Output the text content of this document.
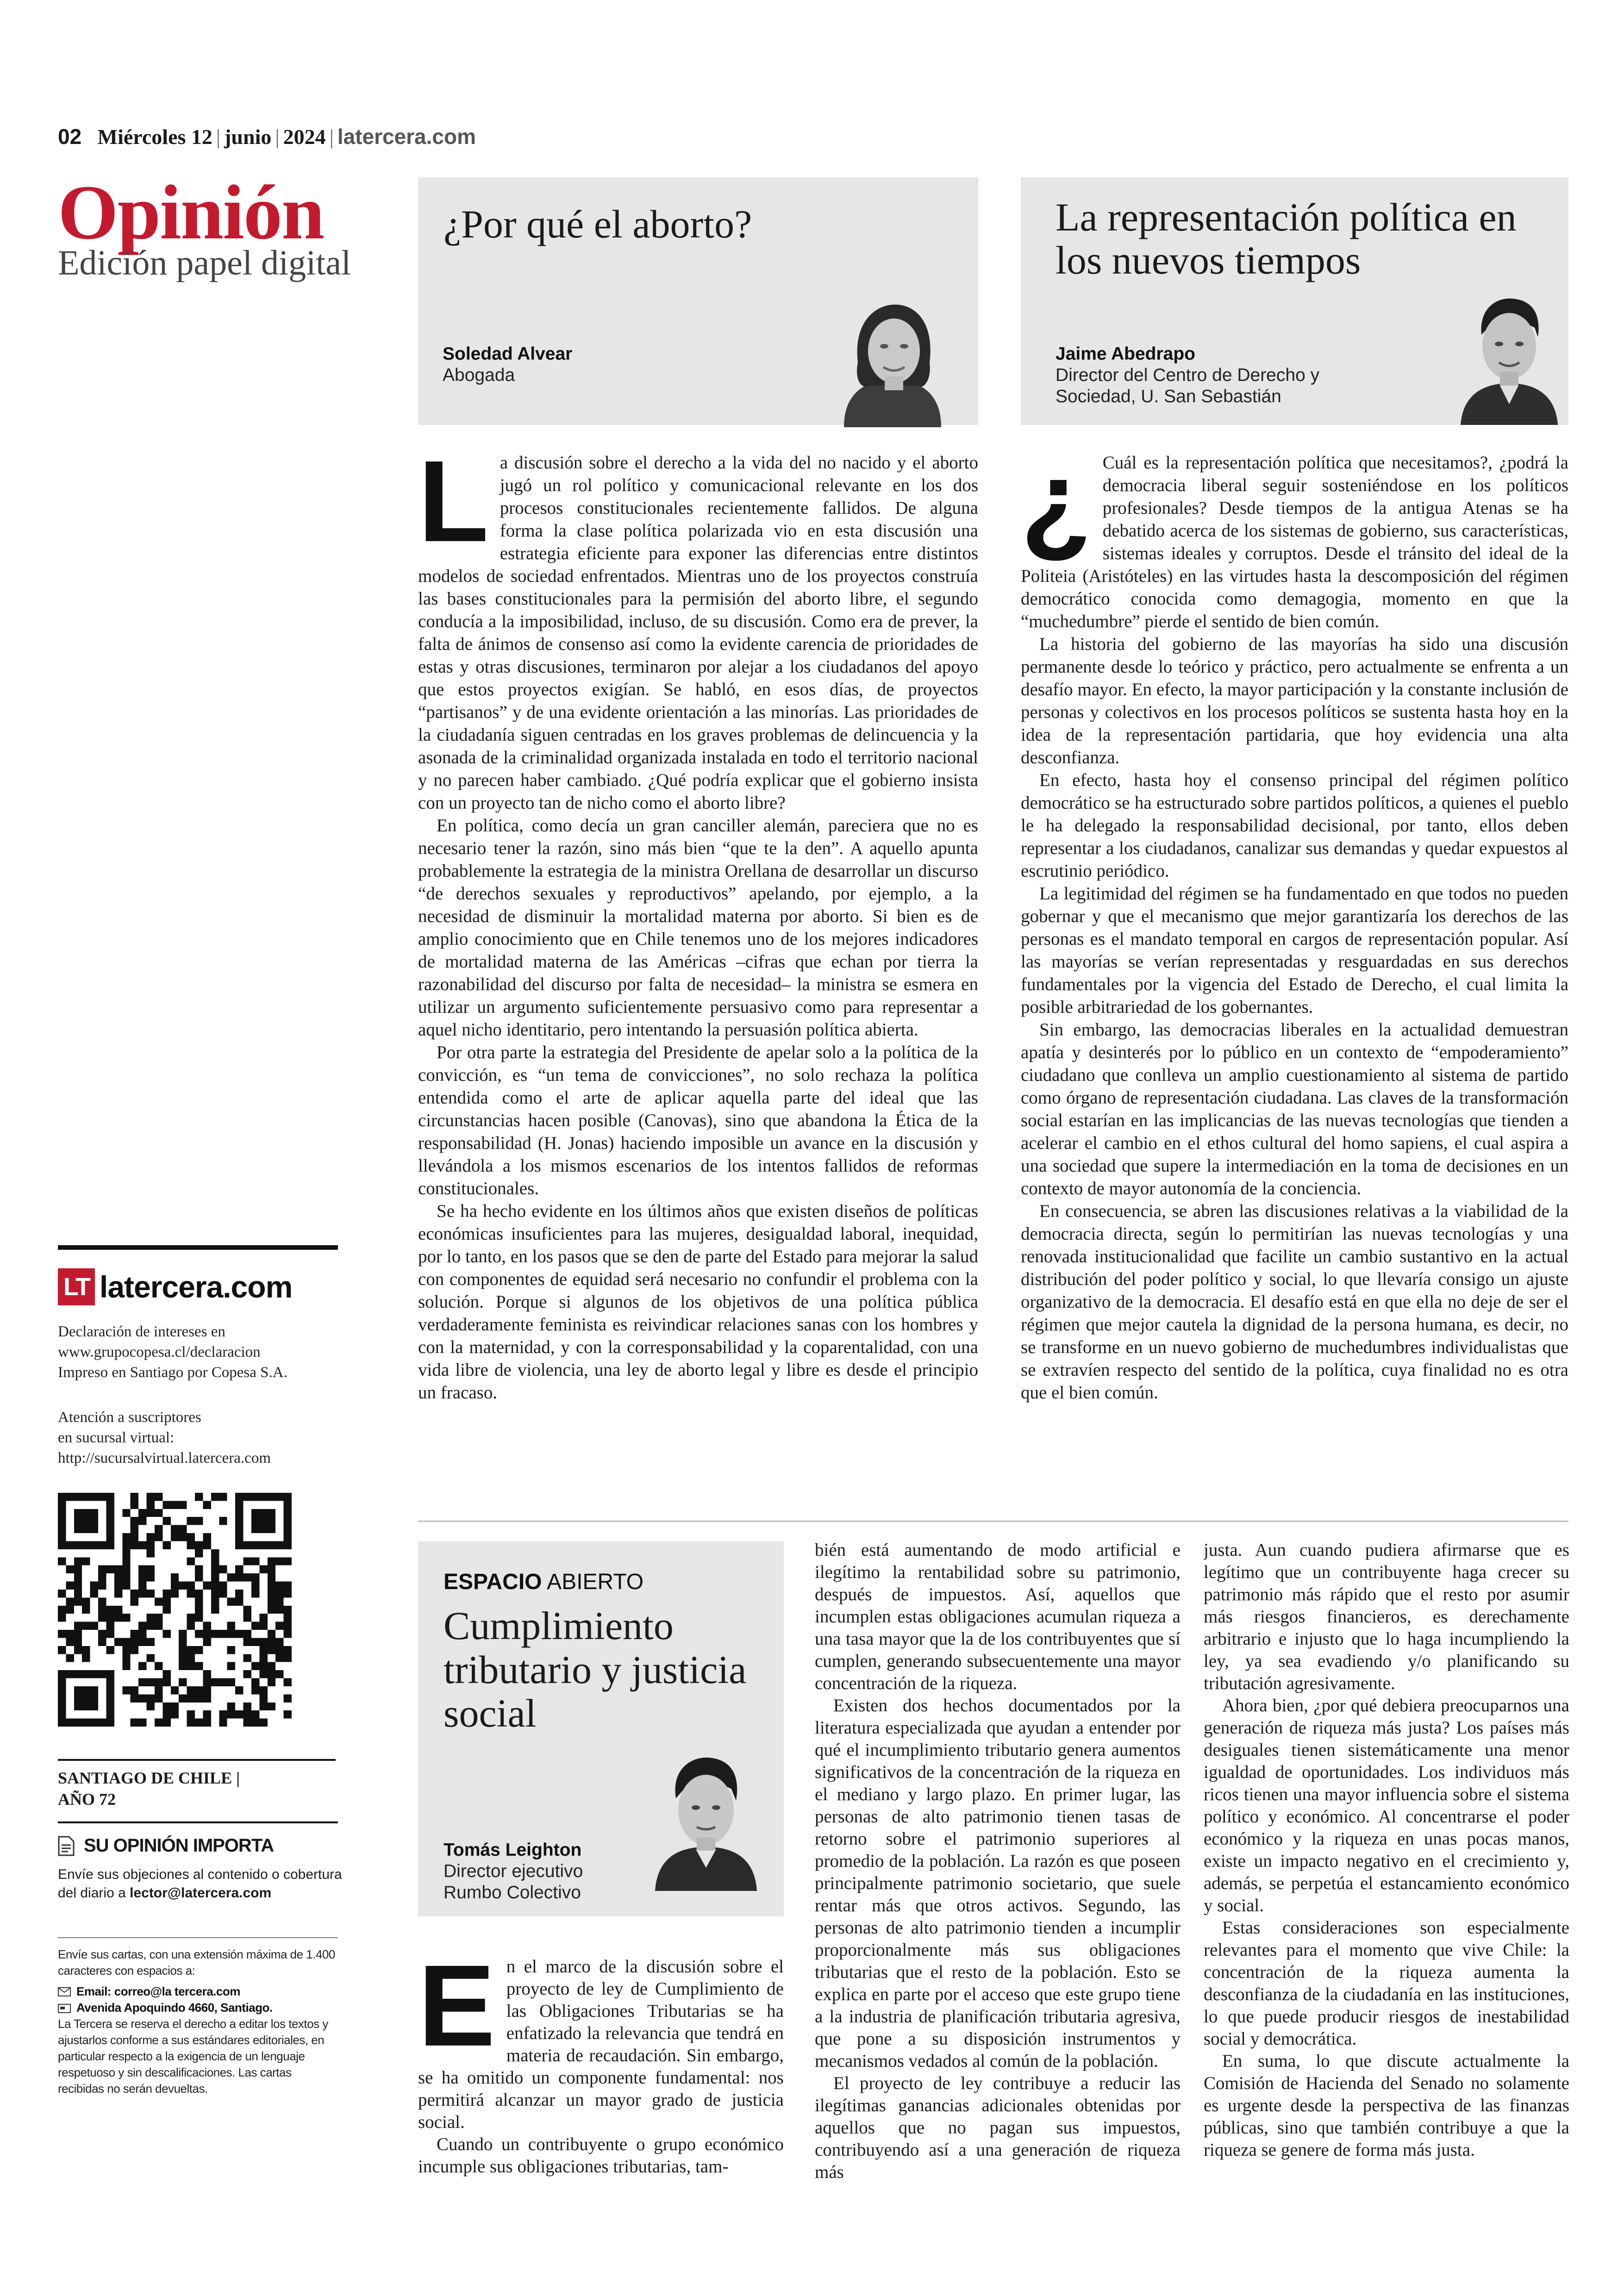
02 Miércoles 12 | junio | 2024 | latercera.com
Opinión
Edición papel digital
¿Por qué el aborto?
Soledad Alvear
Abogada
La representación política en los nuevos tiempos
Jaime Abedrapo
Director del Centro de Derecho y Sociedad, U. San Sebastián
L a discusión sobre el derecho a la vida del no nacido y el aborto jugó un rol político y comunicacional relevante en los dos procesos constitucionales recientemente fallidos. De alguna forma la clase política polarizada vio en esta discusión una estrategia eficiente para exponer las diferencias entre distintos modelos de sociedad enfrentados. Mientras uno de los proyectos construía las bases constitucionales para la permisión del aborto libre, el segundo conducía a la imposibilidad, incluso, de su discusión. Como era de prever, la falta de ánimos de consenso así como la evidente carencia de prioridades de estas y otras discusiones, terminaron por alejar a los ciudadanos del apoyo que estos proyectos exigían. Se habló, en esos días, de proyectos “partisanos” y de una evidente orientación a las minorías. Las prioridades de la ciudadanía siguen centradas en los graves problemas de delincuencia y la asonada de la criminalidad organizada instalada en todo el territorio nacional y no parecen haber cambiado. ¿Qué podría explicar que el gobierno insista con un proyecto tan de nicho como el aborto libre?

En política, como decía un gran canciller alemán, pareciera que no es necesario tener la razón, sino más bien “que te la den”. A aquello apunta probablemente la estrategia de la ministra Orellana de desarrollar un discurso “de derechos sexuales y reproductivos” apelando, por ejemplo, a la necesidad de disminuir la mortalidad materna por aborto. Si bien es de amplio conocimiento que en Chile tenemos uno de los mejores indicadores de mortalidad materna de las Américas –cifras que echan por tierra la razonabilidad del discurso por falta de necesidad– la ministra se esmera en utilizar un argumento suficientemente persuasivo como para representar a aquel nicho identitario, pero intentando la persuasión política abierta.

Por otra parte la estrategia del Presidente de apelar solo a la política de la convicción, es “un tema de convicciones”, no solo rechaza la política entendida como el arte de aplicar aquella parte del ideal que las circunstancias hacen posible (Canovas), sino que abandona la Ética de la responsabilidad (H. Jonas) haciendo imposible un avance en la discusión y llevándola a los mismos escenarios de los intentos fallidos de reformas constitucionales.

Se ha hecho evidente en los últimos años que existen diseños de políticas económicas insuficientes para las mujeres, desigualdad laboral, inequidad, por lo tanto, en los pasos que se den de parte del Estado para mejorar la salud con componentes de equidad será necesario no confundir el problema con la solución. Porque si algunos de los objetivos de una política pública verdaderamente feminista es reivindicar relaciones sanas con los hombres y con la maternidad, y con la corresponsabilidad y la coparentalidad, con una vida libre de violencia, una ley de aborto legal y libre es desde el principio un fracaso.

¿ Cuál es la representación política que necesitamos?, ¿podrá la democracia liberal seguir sosteniéndose en los políticos profesionales? Desde tiempos de la antigua Atenas se ha debatido acerca de los sistemas de gobierno, sus características, sistemas ideales y corruptos. Desde el tránsito del ideal de la Politeia (Aristóteles) en las virtudes hasta la descomposición del régimen democrático conocida como demagogia, momento en que la “muchedumbre” pierde el sentido de bien común.

La historia del gobierno de las mayorías ha sido una discusión permanente desde lo teórico y práctico, pero actualmente se enfrenta a un desafío mayor. En efecto, la mayor participación y la constante inclusión de personas y colectivos en los procesos políticos se sustenta hasta hoy en la idea de la representación partidaria, que hoy evidencia una alta desconfianza.

En efecto, hasta hoy el consenso principal del régimen político democrático se ha estructurado sobre partidos políticos, a quienes el pueblo le ha delegado la responsabilidad decisional, por tanto, ellos deben representar a los ciudadanos, canalizar sus demandas y quedar expuestos al escrutinio periódico.

La legitimidad del régimen se ha fundamentado en que todos no pueden gobernar y que el mecanismo que mejor garantizaría los derechos de las personas es el mandato temporal en cargos de representación popular. Así las mayorías se verían representadas y resguardadas en sus derechos fundamentales por la vigencia del Estado de Derecho, el cual limita la posible arbitrariedad de los gobernantes.

Sin embargo, las democracias liberales en la actualidad demuestran apatía y desinterés por lo público en un contexto de “empoderamiento” ciudadano que conlleva un amplio cuestionamiento al sistema de partido como órgano de representación ciudadana. Las claves de la transformación social estarían en las implicancias de las nuevas tecnologías que tienden a acelerar el cambio en el ethos cultural del homo sapiens, el cual aspira a una sociedad que supere la intermediación en la toma de decisiones en un contexto de mayor autonomía de la conciencia.

En consecuencia, se abren las discusiones relativas a la viabilidad de la democracia directa, según lo permitirían las nuevas tecnologías y una renovada institucionalidad que facilite un cambio sustantivo en la actual distribución del poder político y social, lo que llevaría consigo un ajuste organizativo de la democracia. El desafío está en que ella no deje de ser el régimen que mejor cautela la dignidad de la persona humana, es decir, no se transforme en un nuevo gobierno de muchedumbres individualistas que se extravíen respecto del sentido de la política, cuya finalidad no es otra que el bien común.

ESPACIO ABIERTO
Cumplimiento tributario y justicia social
Tomás Leighton
Director ejecutivo Rumbo Colectivo
E n el marco de la discusión sobre el proyecto de ley de Cumplimiento de las Obligaciones Tributarias se ha enfatizado la relevancia que tendrá en materia de recaudación. Sin embargo, se ha omitido un componente fundamental: nos permitirá alcanzar un mayor grado de justicia social.

Cuando un contribuyente o grupo económico incumple sus obligaciones tributarias, tam-

bién está aumentando de modo artificial e ilegítimo la rentabilidad sobre su patrimonio, después de impuestos. Así, aquellos que incumplen estas obligaciones acumulan riqueza a una tasa mayor que la de los contribuyentes que sí cumplen, generando subsecuentemente una mayor concentración de la riqueza.

Existen dos hechos documentados por la literatura especializada que ayudan a entender por qué el incumplimiento tributario genera aumentos significativos de la concentración de la riqueza en el mediano y largo plazo. En primer lugar, las personas de alto patrimonio tienen tasas de retorno sobre el patrimonio superiores al promedio de la población. La razón es que poseen principalmente patrimonio societario, que suele rentar más que otros activos. Segundo, las personas de alto patrimonio tienden a incumplir proporcionalmente más sus obligaciones tributarias que el resto de la población. Esto se explica en parte por el acceso que este grupo tiene a la industria de planificación tributaria agresiva, que pone a su disposición instrumentos y mecanismos vedados al común de la población.

El proyecto de ley contribuye a reducir las ilegítimas ganancias adicionales obtenidas por aquellos que no pagan sus impuestos, contribuyendo así a una generación de riqueza más

justa. Aun cuando pudiera afirmarse que es legítimo que un contribuyente haga crecer su patrimonio más rápido que el resto por asumir más riesgos financieros, es derechamente arbitrario e injusto que lo haga incumpliendo la ley, ya sea evadiendo y/o planificando su tributación agresivamente.

Ahora bien, ¿por qué debiera preocuparnos una generación de riqueza más justa? Los países más desiguales tienen sistemáticamente una menor igualdad de oportunidades. Los individuos más ricos tienen una mayor influencia sobre el sistema político y económico. Al concentrarse el poder económico y la riqueza en unas pocas manos, existe un impacto negativo en el crecimiento y, además, se perpetúa el estancamiento económico y social.

Estas consideraciones son especialmente relevantes para el momento que vive Chile: la concentración de la riqueza aumenta la desconfianza de la ciudadanía en las instituciones, lo que puede producir riesgos de inestabilidad social y democrática.

En suma, lo que discute actualmente la Comisión de Hacienda del Senado no solamente es urgente desde la perspectiva de las finanzas públicas, sino que también contribuye a que la riqueza se genere de forma más justa.

LT latercera.com
Declaración de intereses en
www.grupocopesa.cl/declaracion
Impreso en Santiago por Copesa S.A.
Atención a suscriptores
en sucursal virtual:
http://sucursalvirtual.latercera.com
SANTIAGO DE CHILE |
AÑO 72
SU OPINIÓN IMPORTA
Envíe sus objeciones al contenido o cobertura del diario a lector@latercera.com
Envíe sus cartas, con una extensión máxima de 1.400 caracteres con espacios a:
Email: correo@la tercera.com
Avenida Apoquindo 4660, Santiago.
La Tercera se reserva el derecho a editar los textos y ajustarlos conforme a sus estándares editoriales, en particular respecto a la exigencia de un lenguaje respetuoso y sin descalificaciones. Las cartas recibidas no serán devueltas.
